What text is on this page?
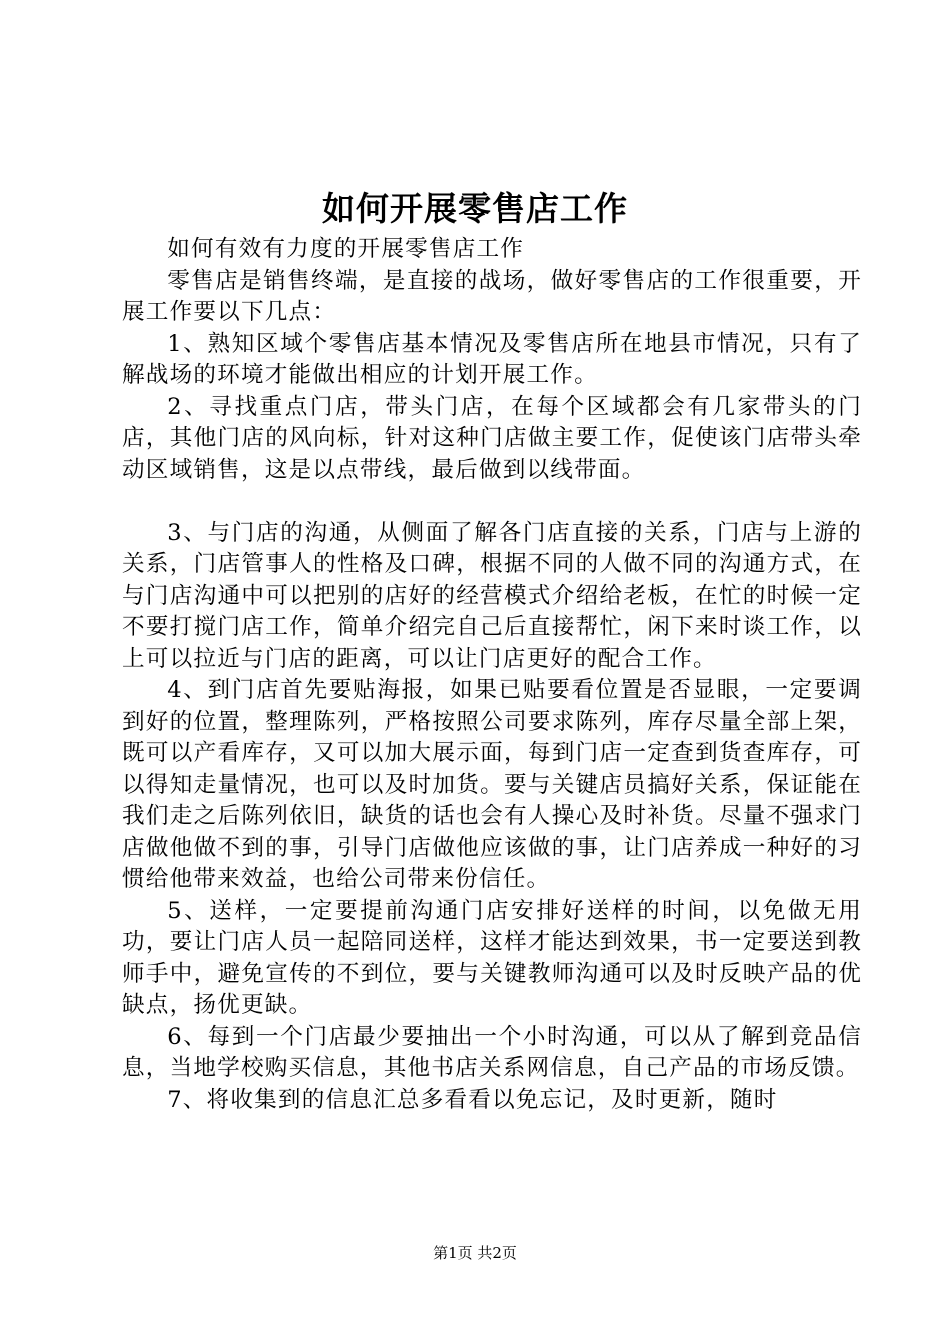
如何开展零售店工作

如何有效有力度的开展零售店工作

零售店是销售终端，是直接的战场，做好零售店的工作很重要，开展工作要以下几点：

1、熟知区域个零售店基本情况及零售店所在地县市情况，只有了解战场的环境才能做出相应的计划开展工作。

2、寻找重点门店，带头门店，在每个区域都会有几家带头的门店，其他门店的风向标，针对这种门店做主要工作，促使该门店带头牵动区域销售，这是以点带线，最后做到以线带面。

3、与门店的沟通，从侧面了解各门店直接的关系，门店与上游的关系，门店管事人的性格及口碑，根据不同的人做不同的沟通方式，在与门店沟通中可以把别的店好的经营模式介绍给老板，在忙的时候一定不要打搅门店工作，简单介绍完自己后直接帮忙，闲下来时谈工作，以上可以拉近与门店的距离，可以让门店更好的配合工作。

4、到门店首先要贴海报，如果已贴要看位置是否显眼，一定要调到好的位置，整理陈列，严格按照公司要求陈列，库存尽量全部上架，既可以产看库存，又可以加大展示面，每到门店一定查到货查库存，可以得知走量情况，也可以及时加货。要与关键店员搞好关系，保证能在我们走之后陈列依旧，缺货的话也会有人操心及时补货。尽量不强求门店做他做不到的事，引导门店做他应该做的事，让门店养成一种好的习惯给他带来效益，也给公司带来份信任。

5、送样，一定要提前沟通门店安排好送样的时间，以免做无用功，要让门店人员一起陪同送样，这样才能达到效果，书一定要送到教师手中，避免宣传的不到位，要与关键教师沟通可以及时反映产品的优缺点，扬优更缺。

6、每到一个门店最少要抽出一个小时沟通，可以从了解到竞品信息，当地学校购买信息，其他书店关系网信息，自己产品的市场反馈。

7、将收集到的信息汇总多看看以免忘记，及时更新，随时

第1页 共2页
